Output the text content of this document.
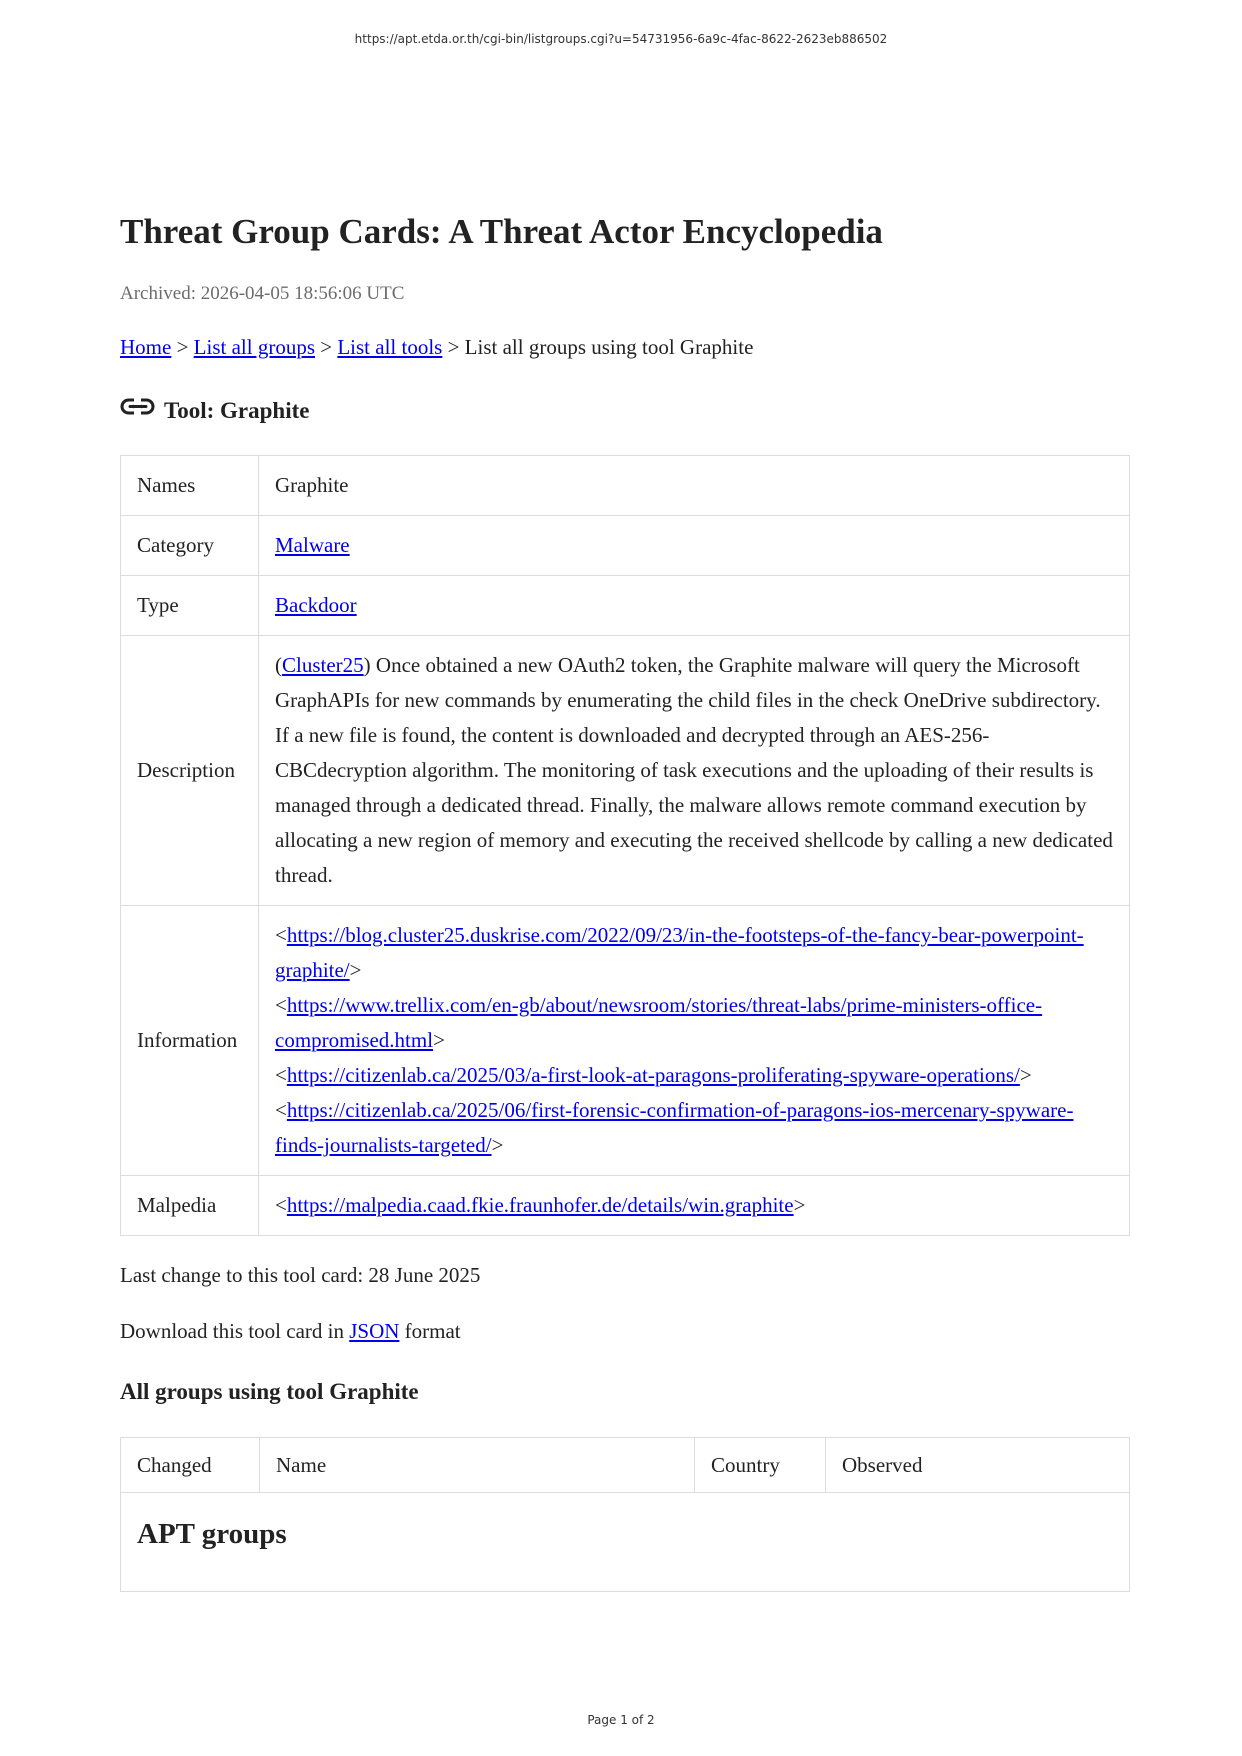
https://apt.etda.or.th/cgi-bin/listgroups.cgi?u=54731956-6a9c-4fac-8622-2623eb886502
Threat Group Cards: A Threat Actor Encyclopedia
Archived: 2026-04-05 18:56:06 UTC
Home > List all groups > List all tools > List all groups using tool Graphite
Tool: Graphite
Names	Graphite
Category	Malware
Type	Backdoor
Description	(Cluster25) Once obtained a new OAuth2 token, the Graphite malware will query the Microsoft GraphAPIs for new commands by enumerating the child files in the check OneDrive subdirectory. If a new file is found, the content is downloaded and decrypted through an AES-256-CBCdecryption algorithm. The monitoring of task executions and the uploading of their results is managed through a dedicated thread. Finally, the malware allows remote command execution by allocating a new region of memory and executing the received shellcode by calling a new dedicated thread.
Information	<https://blog.cluster25.duskrise.com/2022/09/23/in-the-footsteps-of-the-fancy-bear-powerpoint-graphite/>
<https://www.trellix.com/en-gb/about/newsroom/stories/threat-labs/prime-ministers-office-compromised.html>
<https://citizenlab.ca/2025/03/a-first-look-at-paragons-proliferating-spyware-operations/>
<https://citizenlab.ca/2025/06/first-forensic-confirmation-of-paragons-ios-mercenary-spyware-finds-journalists-targeted/>
Malpedia	<https://malpedia.caad.fkie.fraunhofer.de/details/win.graphite>
Last change to this tool card: 28 June 2025
Download this tool card in JSON format
All groups using tool Graphite
Changed	Name	Country	Observed
APT groups
Page 1 of 2
